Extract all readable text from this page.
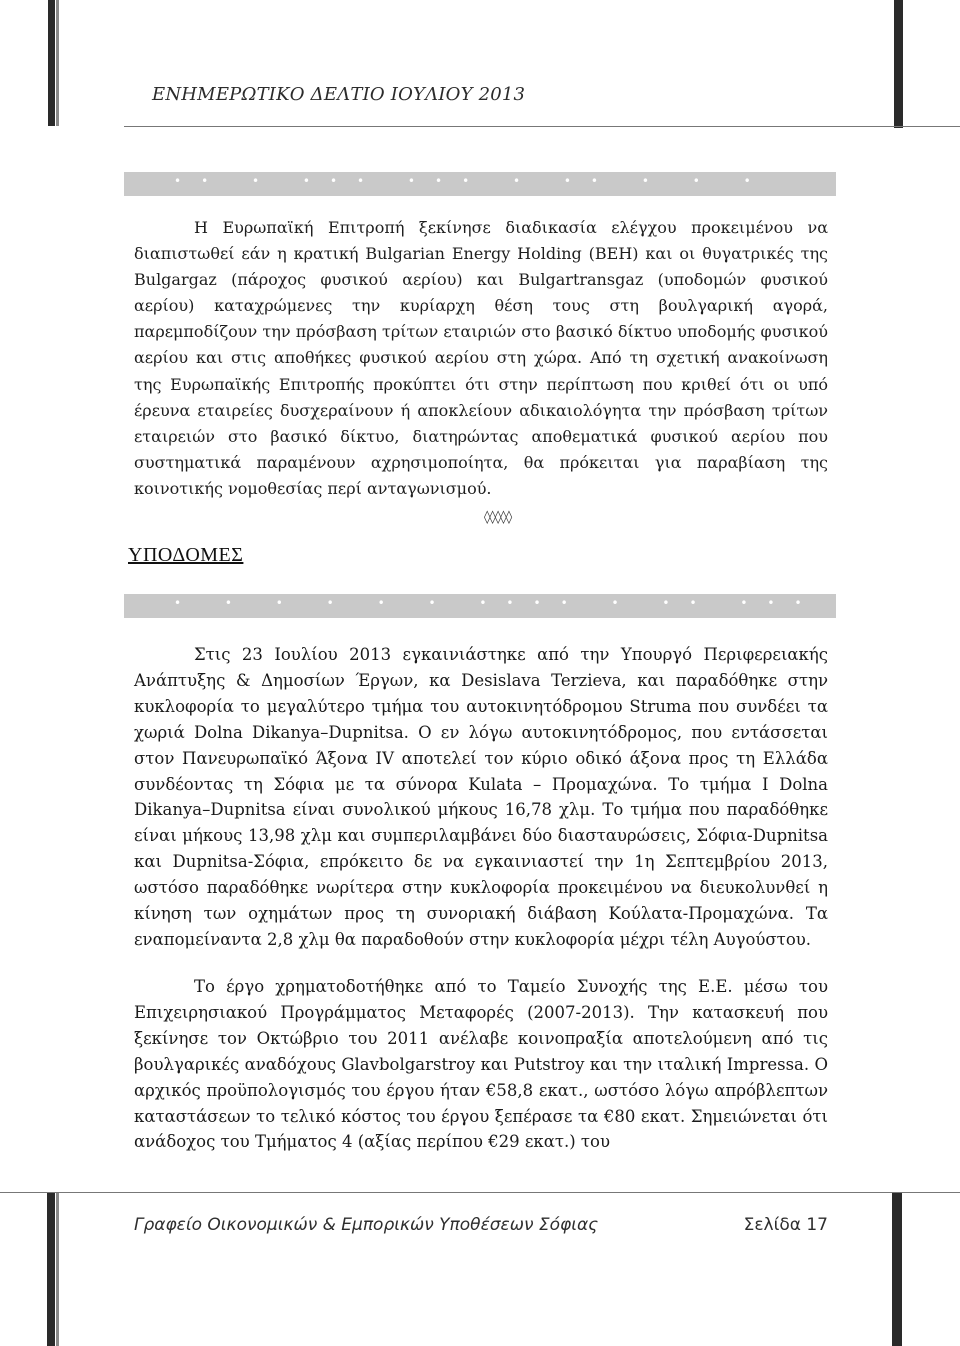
ΕΝΗΜΕΡΩΤΙΚΟ ΔΕΛΤΙΟ ΙΟΥΛΙΟΥ 2013
•• • ••• ••• • •• • • •

Η Ευρωπαϊκή Επιτροπή ξεκίνησε διαδικασία ελέγχου προκειμένου να διαπιστωθεί εάν η κρατική Bulgarian Energy Holding (BEH) και οι θυγατρικές της Bulgargaz (πάροχος φυσικού αερίου) και Bulgartransgaz (υποδομών φυσικού αερίου) καταχρώμενες την κυρίαρχη θέση τους στη βουλγαρική αγορά, παρεμποδίζουν την πρόσβαση τρίτων εταιριών στο βασικό δίκτυο υποδομής φυσικού αερίου και στις αποθήκες φυσικού αερίου στη χώρα. Από τη σχετική ανακοίνωση της Ευρωπαϊκής Επιτροπής προκύπτει ότι στην περίπτωση που κριθεί ότι οι υπό έρευνα εταιρείες δυσχεραίνουν ή αποκλείουν αδικαιολόγητα την πρόσβαση τρίτων εταιρειών στο βασικό δίκτυο, διατηρώντας αποθεματικά φυσικού αερίου που συστηματικά παραμένουν αχρησιμοποίητα, θα πρόκειται για παραβίαση της κοινοτικής νομοθεσίας περί ανταγωνισμού.

◊◊◊◊◊
ΥΠΟΔΟΜΕΣ
• • • • • • •••• • •• •••

Στις 23 Ιουλίου 2013 εγκαινιάστηκε από την Υπουργό Περιφερειακής Ανάπτυξης & Δημοσίων Έργων, κα Desislava Terzieva, και παραδόθηκε στην κυκλοφορία το μεγαλύτερο τμήμα του αυτοκινητόδρομου Struma που συνδέει τα χωριά Dolna Dikanya–Dupnitsa. Ο εν λόγω αυτοκινητόδρομος, που εντάσσεται στον Πανευρωπαϊκό Άξονα IV αποτελεί τον κύριο οδικό άξονα προς τη Ελλάδα συνδέοντας τη Σόφια με τα σύνορα Kulata – Προμαχώνα. Το τμήμα I Dolna Dikanya–Dupnitsa είναι συνολικού μήκους 16,78 χλμ. Το τμήμα που παραδόθηκε είναι μήκους 13,98 χλμ και συμπεριλαμβάνει δύο διασταυρώσεις, Σόφια-Dupnitsa και Dupnitsa-Σόφια, επρόκειτο δε να εγκαινιαστεί την 1η Σεπτεμβρίου 2013, ωστόσο παραδόθηκε νωρίτερα στην κυκλοφορία προκειμένου να διευκολυνθεί η κίνηση των οχημάτων προς τη συνοριακή διάβαση Κούλατα-Προμαχώνα. Τα εναπομείναντα 2,8 χλμ θα παραδοθούν στην κυκλοφορία μέχρι τέλη Αυγούστου.

Το έργο χρηματοδοτήθηκε από το Ταμείο Συνοχής της Ε.Ε. μέσω του Επιχειρησιακού Προγράμματος Μεταφορές (2007-2013). Την κατασκευή που ξεκίνησε τον Οκτώβριο του 2011 ανέλαβε κοινοπραξία αποτελούμενη από τις βουλγαρικές αναδόχους Glavbolgarstroy και Putstroy και την ιταλική Impressa. Ο αρχικός προϋπολογισμός του έργου ήταν €58,8 εκατ., ωστόσο λόγω απρόβλεπτων καταστάσεων το τελικό κόστος του έργου ξεπέρασε τα €80 εκατ. Σημειώνεται ότι ανάδοχος του Τμήματος 4 (αξίας περίπου €29 εκατ.) του

Γραφείο Οικονομικών & Εμπορικών Υποθέσεων Σόφιας	Σελίδα 17
